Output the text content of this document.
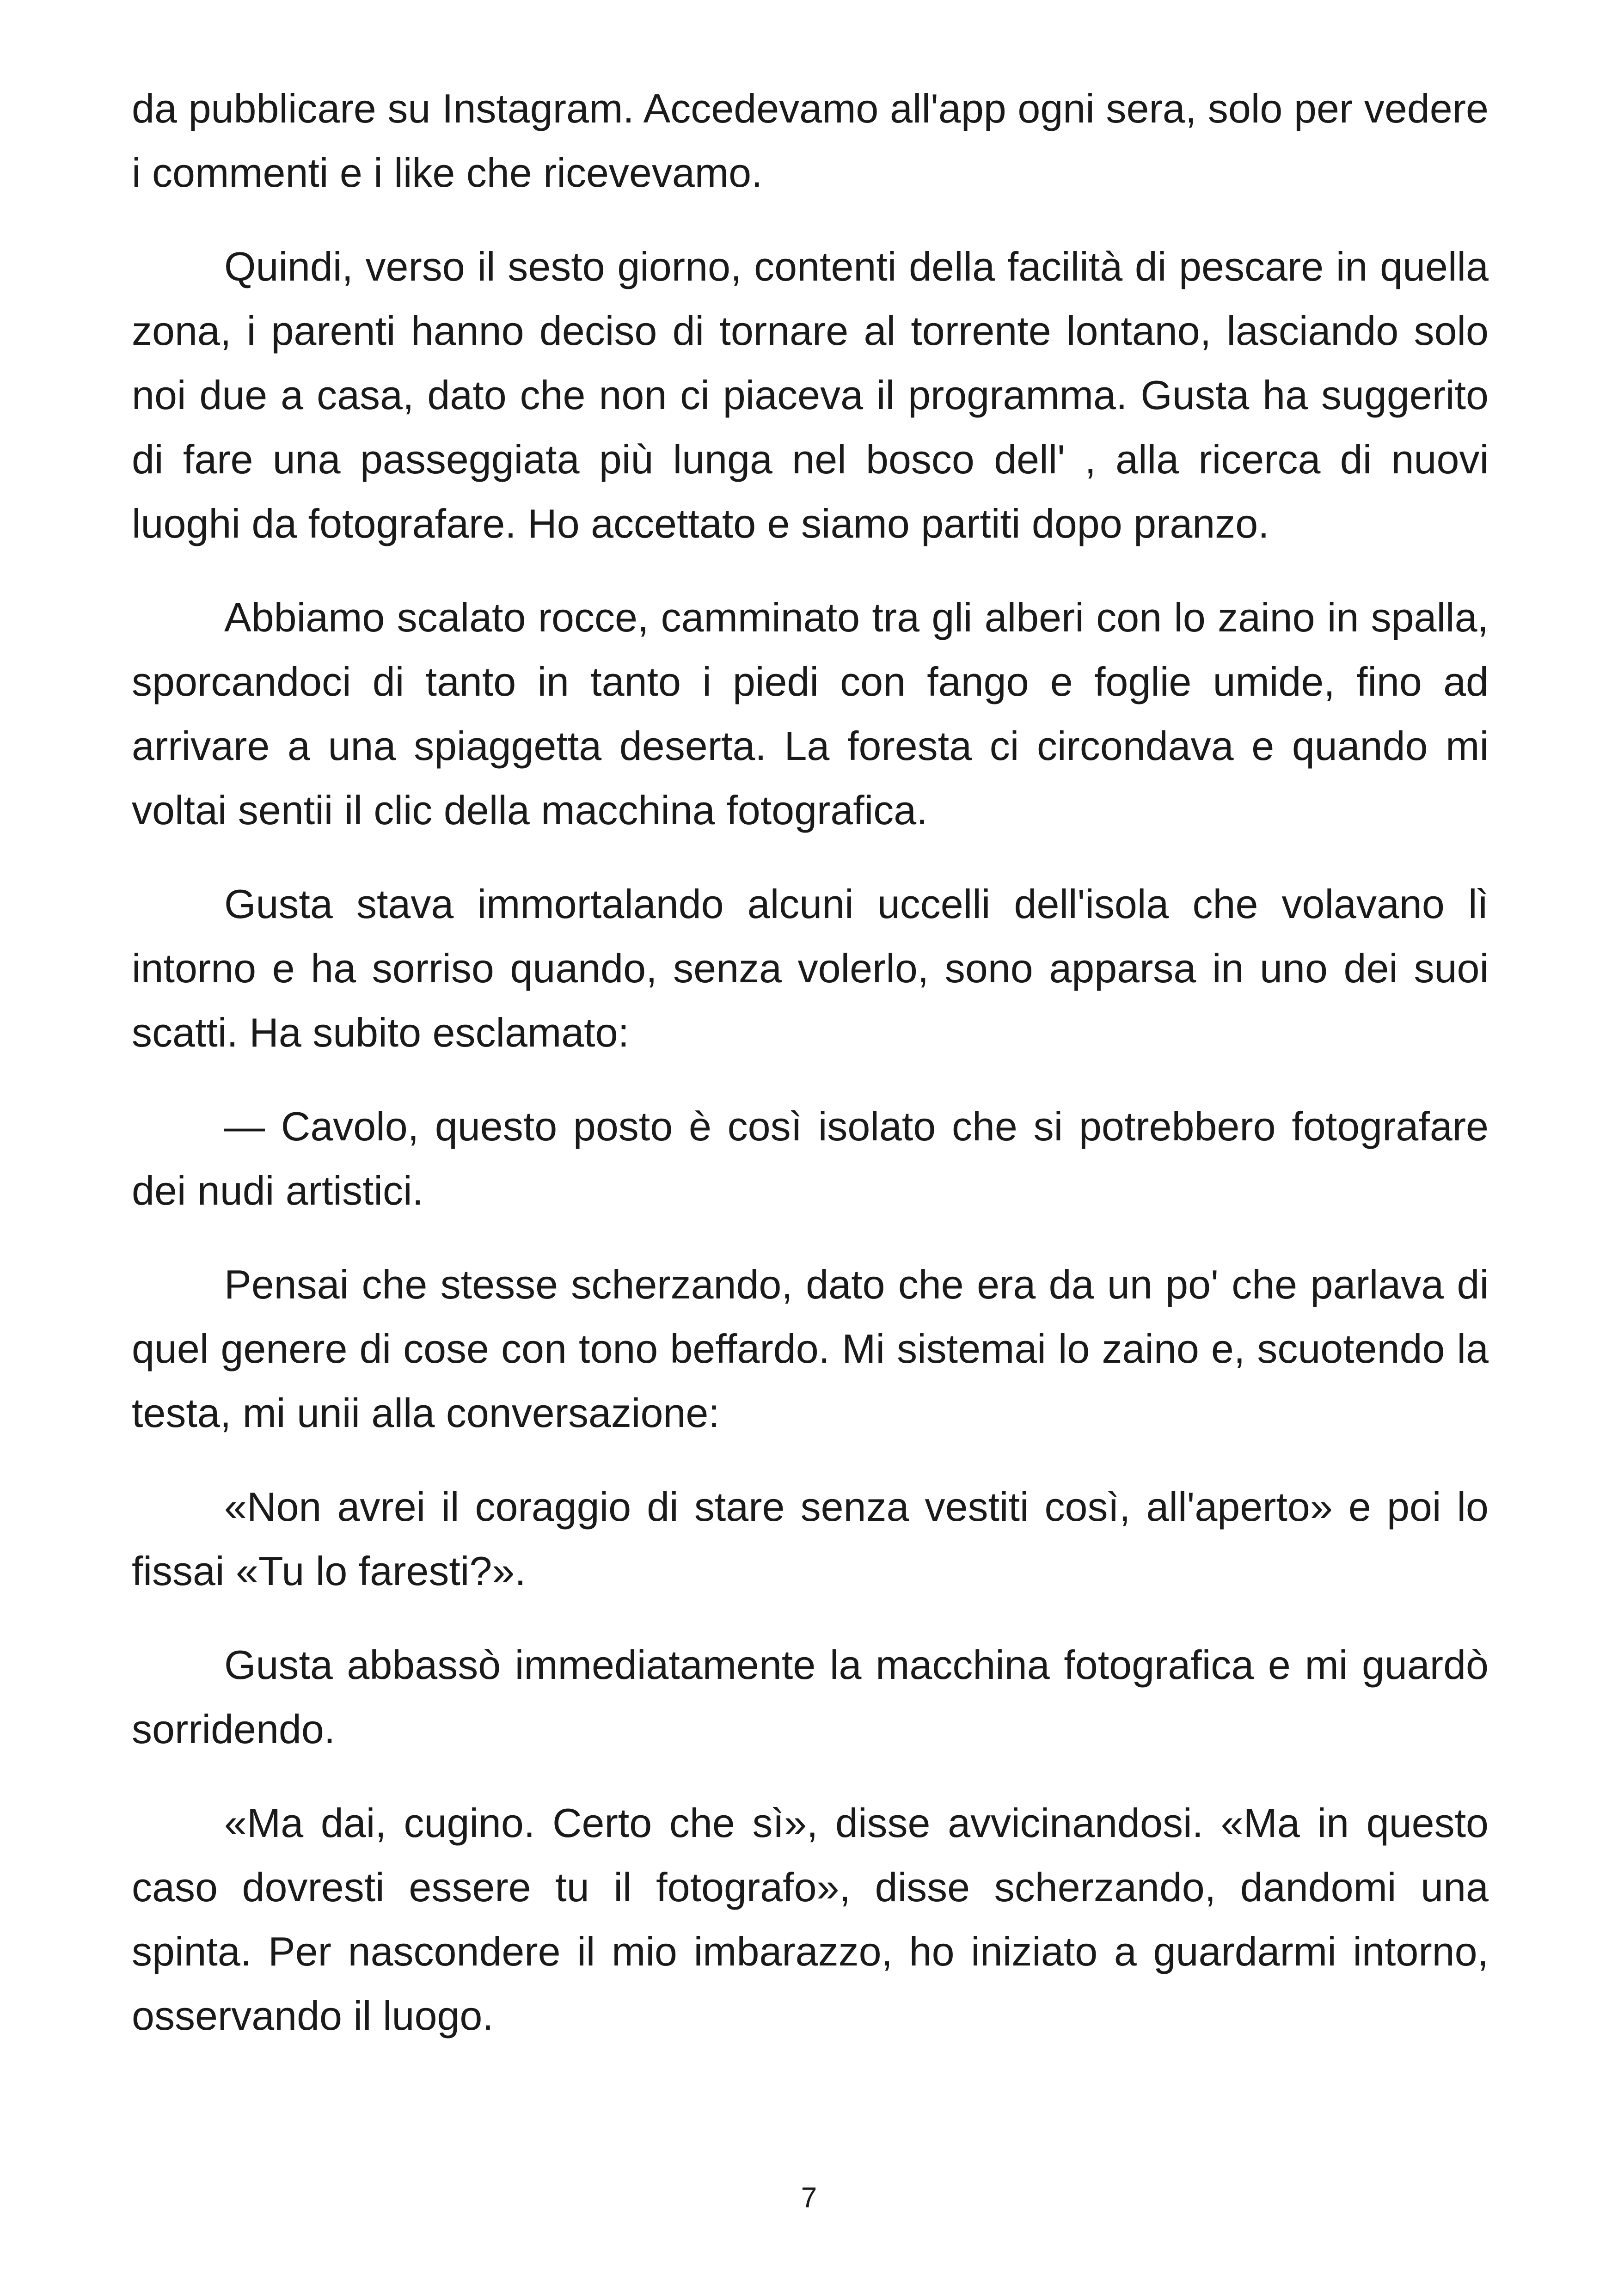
da pubblicare su Instagram. Accedevamo all'app ogni sera, solo per vedere i commenti e i like che ricevevamo.

Quindi, verso il sesto giorno, contenti della facilità di pescare in quella zona, i parenti hanno deciso di tornare al torrente lontano, lasciando solo noi due a casa, dato che non ci piaceva il programma. Gusta ha suggerito di fare una passeggiata più lunga nel bosco dell' , alla ricerca di nuovi luoghi da fotografare. Ho accettato e siamo partiti dopo pranzo.

Abbiamo scalato rocce, camminato tra gli alberi con lo zaino in spalla, sporcandoci di tanto in tanto i piedi con fango e foglie umide, fino ad arrivare a una spiaggetta deserta. La foresta ci circondava e quando mi voltai sentii il clic della macchina fotografica.

Gusta stava immortalando alcuni uccelli dell'isola che volavano lì intorno e ha sorriso quando, senza volerlo, sono apparsa in uno dei suoi scatti. Ha subito esclamato:

— Cavolo, questo posto è così isolato che si potrebbero fotografare dei nudi artistici.

Pensai che stesse scherzando, dato che era da un po' che parlava di quel genere di cose con tono beffardo. Mi sistemai lo zaino e, scuotendo la testa, mi unii alla conversazione:

«Non avrei il coraggio di stare senza vestiti così, all'aperto» e poi lo fissai «Tu lo faresti?».

Gusta abbassò immediatamente la macchina fotografica e mi guardò sorridendo.

«Ma dai, cugino. Certo che sì», disse avvicinandosi. «Ma in questo caso dovresti essere tu il fotografo», disse scherzando, dandomi una spinta. Per nascondere il mio imbarazzo, ho iniziato a guardarmi intorno, osservando il luogo.

7
